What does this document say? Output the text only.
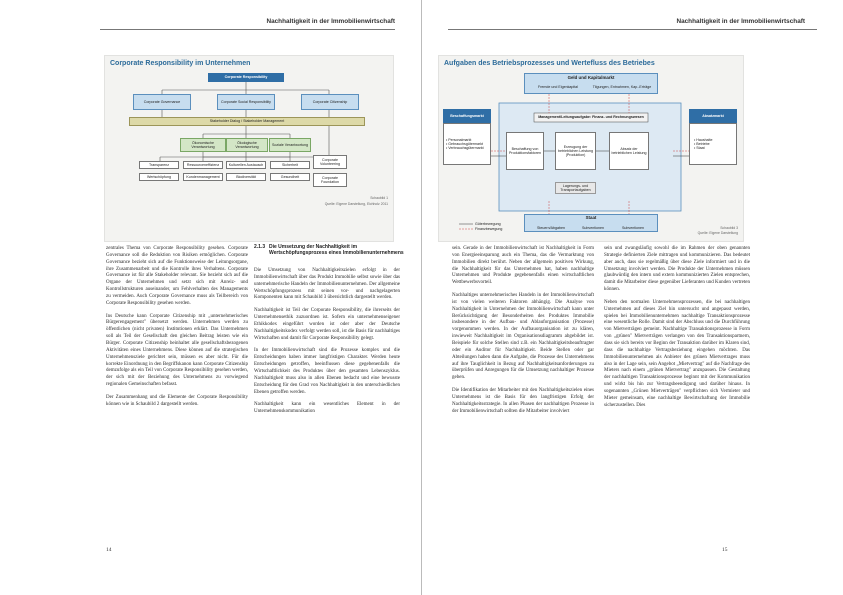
Nachhaltigkeit in der Immobilienwirtschaft
Corporate Responsibility im Unternehmen
Corporate Responsibility
Corporate Governance	Corporate Social Responsibility	Corporate Citizenship
Stakeholder Dialog / Stakeholder Management
Ökonomische Verantwortung
Ökologische Verantwortung
Soziale Verantwortung
Transparenz	Ressourceneffizienz	Kulturellen Austausch	Sicherheit
Corporate Volunteering
Wertschöpfung	Kundenmanagement	Biodiversität	Gesundheit	Corporate Foundation
Schaubild 1
Quelle: Eigene Darstellung, Eichholz 2011

zentrales Thema von Corporate Responsibility gesehen. Corporate Governance soll die Reduktion von Risiken ermöglichen. Corporate Governance bezieht sich auf die Funktionsweise der Leitungsorgane, ihre Zusammenarbeit und die Kontrolle ihres Verhaltens. Corporate Governance ist für alle Stakeholder relevant. Sie bezieht sich auf die Organe der Unternehmen und setzt sich mit Anreiz- und Kontrollstrukturen auseinander, um Fehlverhalten des Managements zu vermeiden. Auch Corporate Governance muss als Teilbereich von Corporate Responsibility gesehen werden.

Ins Deutsche kann Corporate Citizenship mit „unternehmerisches Bürgerengagement" übersetzt werden. Unternehmen werden zu öffentlichen (nicht privaten) Institutionen erklärt. Das Unternehmen soll als Teil der Gesellschaft den gleichen Beitrag leisten wie ein Bürger. Corporate Citizenship beinhaltet alle gesellschaftsbezogenen Aktivitäten eines Unternehmens. Diese können auf die strategischen Unternehmensziele gerichtet sein, müssen es aber nicht. Für die korrekte Einordnung in den Begriffskanon kann Corporate Citizenship demzufolge als ein Teil von Corporate Responsibility gesehen werden, der sich mit der Beziehung des Unternehmens zu vorwiegend regionalen Gemeinschaften befasst.

Der Zusammenhang und die Elemente der Corporate Responsibility können wie in Schaubild 2 dargestellt werden.

2.1.3 Die Umsetzung der Nachhaltigkeit im Wertschöpfungsprozess eines Immobilienunternehmens

Die Umsetzung von Nachhaltigkeitszielen erfolgt in der Immobilienwirtschaft über das Produkt Immobilie selbst sowie über das unternehmerische Handeln der Immobilienunternehmen. Der allgemeine Wertschöpfungsprozess mit seinen vor- und nachgelagerten Komponenten kann mit Schaubild 3 übersichtlich dargestellt werden.

Nachhaltigkeit ist Teil der Corporate Responsibility, die ihrerseits der Unternehmensethik zuzuordnen ist. Sofern ein unternehmenseigener Ethikkodex eingeführt worden ist oder aber der Deutsche Nachhaltigkeitskodex verfolgt werden soll, ist die Basis für nachhaltiges Wirtschaften und damit für Corporate Responsibility gelegt.

In der Immobilienwirtschaft sind die Prozesse komplex und die Entscheidungen haben immer langfristigen Charakter. Werden heute Entscheidungen getroffen, beeinflussen diese gegebenenfalls die Wirtschaftlichkeit des Produktes über den gesamten Lebenszyklus. Nachhaltigkeit muss also in allen Ebenen bedacht und eine bewusste Entscheidung für den Grad von Nachhaltigkeit in den unterschiedlichen Ebenen getroffen werden.

Nachhaltigkeit kann ein wesentliches Element in der Unternehmenskommunikation

14
Nachhaltigkeit in der Immobilienwirtschaft
Aufgaben des Betriebsprozesses und Wertefluss des Betriebes
Geld und Kapitalmarkt
Fremde und Eigenkapital	Tilgungen, Entnahmen, Kap.-Erträge
Beschaffungsmarkt
• Personalmarkt
• Gebrauchsgütermarkt
• Verbrauchsgütermarkt
Absatzmarkt
• Haushalte
• Betriebe
• Staat
Management/Leitungsaufgabe: Finanz- und Rechnungswesen
Beschaffung von Produktionsfaktoren
Erzeugung der betrieblichen Leistung (Produktion)
Absatz der betrieblichen Leistung
Lagerungs- und Transportaufgaben
Staat
Steuern/Abgaben	Subventionen	Subventionen
Güterbewegung
Finanzbewegung	Schaubild 3
Quelle: Eigene Darstellung

sein. Gerade in der Immobilienwirtschaft ist Nachhaltigkeit in Form von Energieeinsparung auch ein Thema, das die Vermarktung von Immobilien direkt berührt. Neben der allgemein positiven Wirkung, die Nachhaltigkeit für das Unternehmen hat, haben nachhaltige Unternehmen und Produkte gegebenenfalls einen wirtschaftlichen Wettbewerbsvorteil.

Nachhaltiges unternehmerisches Handeln in der Immobilienwirtschaft ist von vielen weiteren Faktoren abhängig. Die Analyse von Nachhaltigkeit in Unternehmen der Immobilienwirtschaft kann unter Berücksichtigung der Besonderheiten des Produktes Immobilie insbesondere in der Aufbau- und Ablauforganisation (Prozesse) vorgenommen werden. In der Aufbauorganisation ist zu klären, inwieweit Nachhaltigkeit im Organisationsdiagramm abgebildet ist. Beispiele für solche Stellen sind z.B. ein Nachhaltigkeitsbeauftragter oder ein Auditor für Nachhaltigkeit. Beide Stellen oder gar Abteilungen haben dann die Aufgabe, die Prozesse des Unternehmens auf ihre Tauglichkeit in Bezug auf Nachhaltigkeitsanforderungen zu überprüfen und Anregungen für die Umsetzung nachhaltiger Prozesse geben.

Die Identifikation der Mitarbeiter mit den Nachhaltigkeitszielen eines Unternehmens ist die Basis für den langfristigen Erfolg der Nachhaltigkeitsstrategie. In allen Phasen der nachhaltigen Prozesse in der Immobilienwirtschaft sollten die Mitarbeiter involviert

sein und zwangsläufig sowohl die im Rahmen der oben genannten Strategie definierten Ziele mittragen und kommunizieren. Das bedeutet aber auch, dass sie regelmäßig über diese Ziele informiert und in die Umsetzung involviert werden. Die Produkte der Unternehmen müssen glaubwürdig den intern und extern kommunizierten Zielen entsprechen, damit die Mitarbeiter diese gegenüber Lieferanten und Kunden vertreten können.

Neben den normalen Unternehmensprozessen, die bei nachhaltigen Unternehmen auf dieses Ziel hin untersucht und angepasst werden, spielen bei Immobilienunternehmen nachhaltige Transaktionsprozesse eine wesentliche Rolle. Damit sind der Abschluss und die Durchführung von Mietverträgen gemeint. Nachhaltige Transaktionsprozesse in Form von „grünen" Mietverträgen verlangen von den Transaktionspartnern, dass sie sich bereits vor Beginn der Transaktion darüber im Klaren sind, dass die nachhaltige Vertragsbeziehung eingehen möchten. Das Immobilienunternehmen als Anbieter des grünen Mietvertrages muss also in der Lage sein, sein Angebot „Mietvertrag" auf die Nachfrage des Mieters nach einem „grünen Mietvertrag" anzupassen. Die Gestaltung der nachhaltigen Transaktionsprozesse beginnt mit der Kommunikation und wirkt bis hin zur Vertragsbeendigung und darüber hinaus. In sogenannten „Grünen Mietverträgen" verpflichten sich Vermieter und Mieter gemeinsam, eine nachhaltige Bewirtschaftung der Immobilie sicherzustellen. Dies

15
